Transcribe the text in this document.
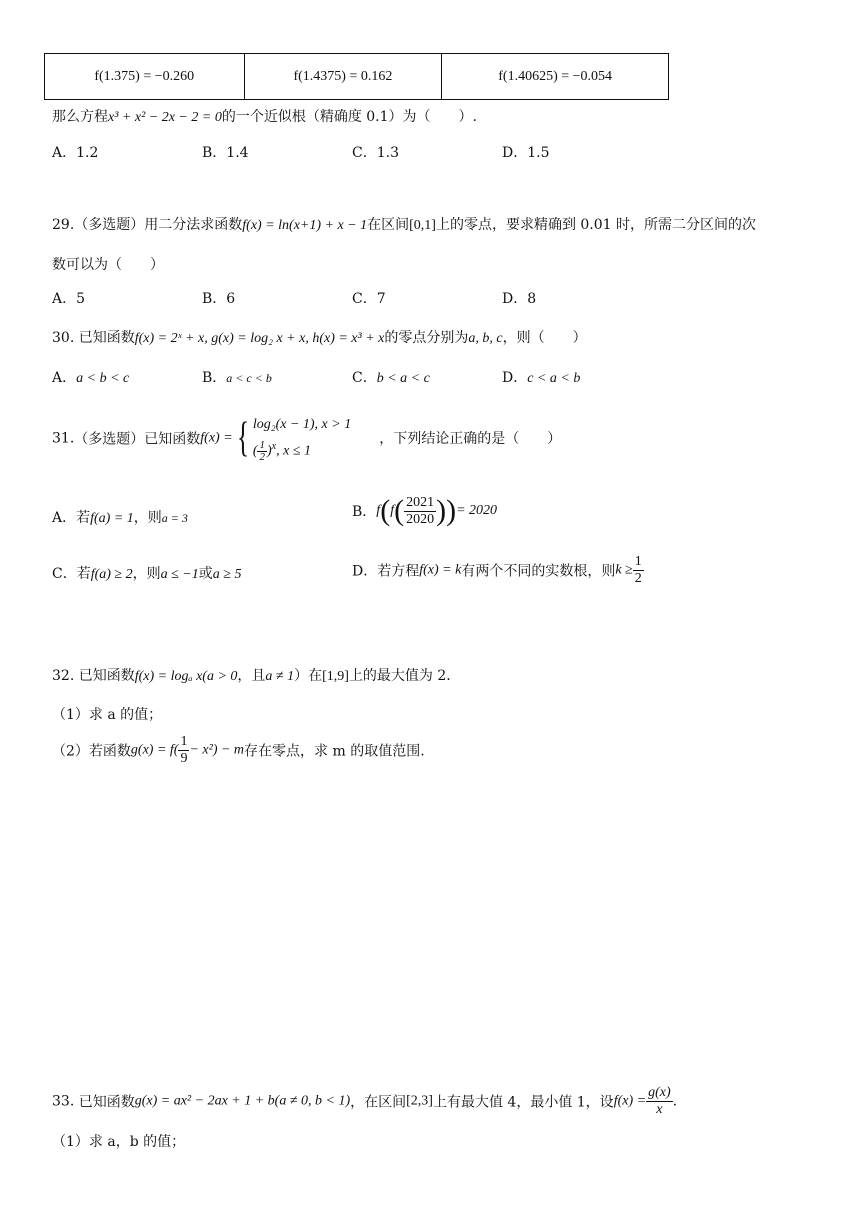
f(1.375) = −0.260	f(1.4375) = 0.162	f(1.40625) = −0.054
那么方程x³ + x² − 2x − 2 = 0的一个近似根（精确度 0.1）为（　　）.
A．1.2	B．1.4	C．1.3	D．1.5
29.（多选题）用二分法求函数f(x) = ln(x+1) + x − 1在区间[0,1]上的零点，要求精确到 0.01 时，所需二分区间的次
数可以为（　　）
A．5	B．6	C．7	D．8
30. 已知函数f(x) = 2ˣ + x, g(x) = log₂ x + x, h(x) = x³ + x的零点分别为a, b, c，则（　　）
A．a < b < c	B．a < c < b	C．b < a < c	D．c < a < b
31.（多选题）已知函数f(x) ={ log₂(x − 1), x > 1
( $\frac{1}{2} )^x$, x ≤ 1
，下列结论正确的是（　　）
A．若f(a) = 1，则a = 3	B．$f(f( \frac{2021}{2020}$ ))= 2020
C．若f(a) ≥ 2，则a ≤ −1或a ≥ 5	D．若方程f(x) = k有两个不同的实数根，则$k \ge \frac{1}{2}$
32. 已知函数f(x) = logₐ x(a > 0，且a ≠ 1）在[1,9]上的最大值为 2.
（1）求 a 的值；
（2）若函数$g(x) = f( \frac{1}{9} - x^2) - m$存在零点，求 m 的取值范围.
33. 已知函数g(x) = ax² − 2ax + 1 + b(a ≠ 0, b < 1)，在区间[2,3]上有最大值 4，最小值 1，设$f(x) = \frac{g(x)}{x}$ .
（1）求 a，b 的值；
